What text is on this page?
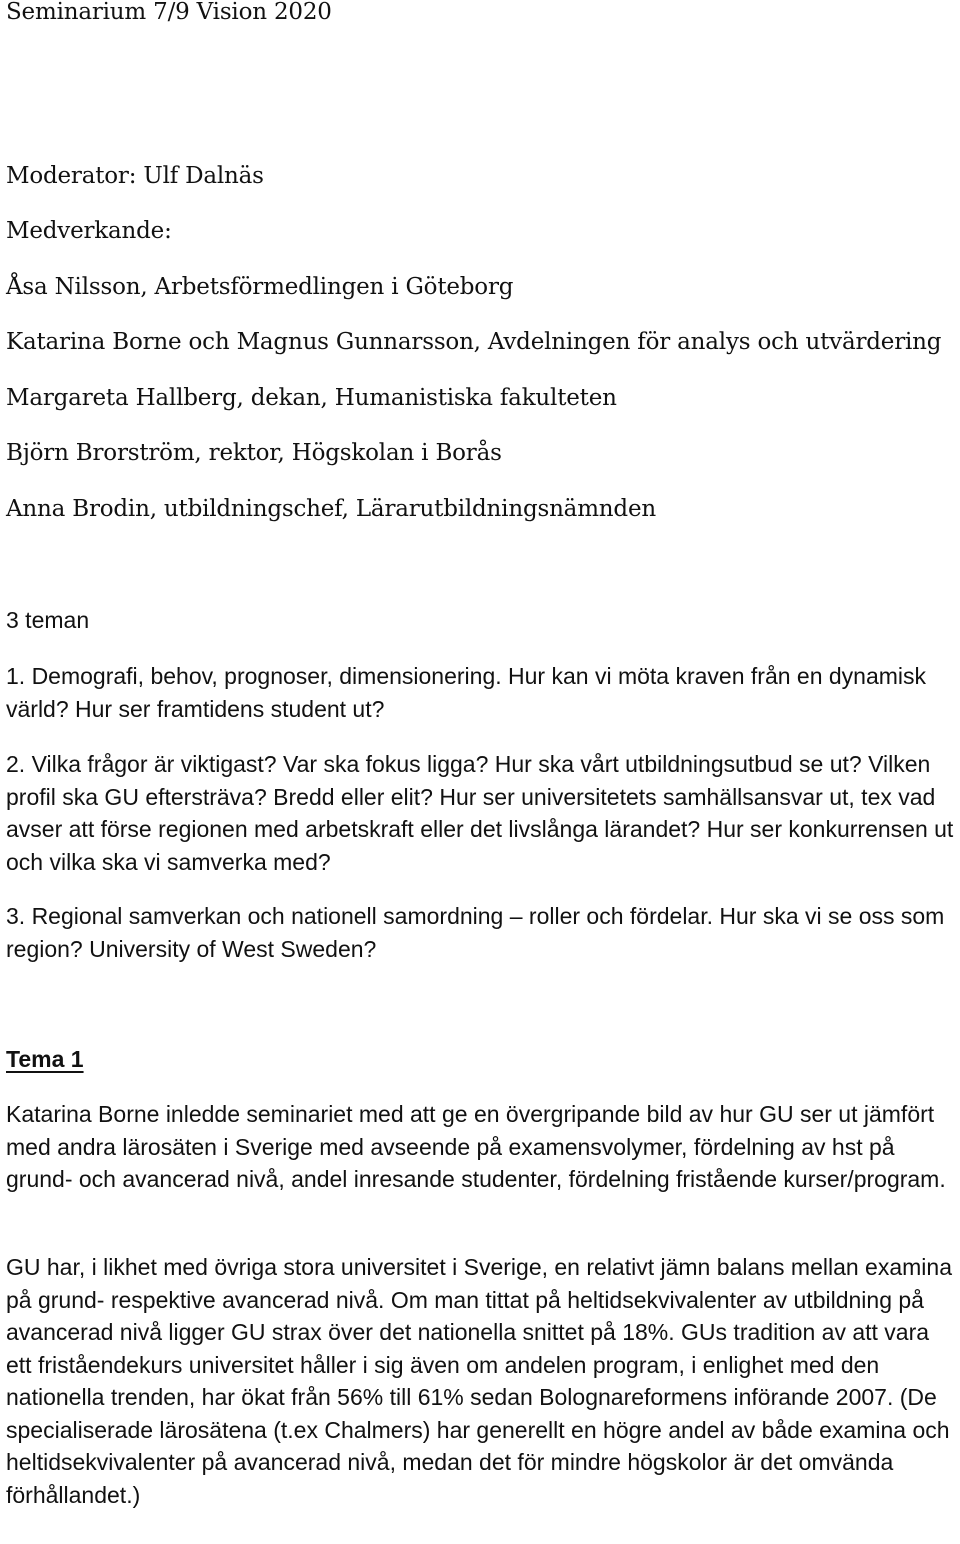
Seminarium 7/9 Vision 2020
Moderator: Ulf Dalnäs
Medverkande:
Åsa Nilsson, Arbetsförmedlingen i Göteborg
Katarina Borne och Magnus Gunnarsson, Avdelningen för analys och utvärdering
Margareta Hallberg, dekan, Humanistiska fakulteten
Björn Brorström, rektor, Högskolan i Borås
Anna Brodin, utbildningschef, Lärarutbildningsnämnden
3 teman

1. Demografi, behov, prognoser, dimensionering. Hur kan vi möta kraven från en dynamisk värld? Hur ser framtidens student ut?

2. Vilka frågor är viktigast? Var ska fokus ligga? Hur ska vårt utbildningsutbud se ut? Vilken profil ska GU eftersträva? Bredd eller elit? Hur ser universitetets samhällsansvar ut, tex vad avser att förse regionen med arbetskraft eller det livslånga lärandet? Hur ser konkurrensen ut och vilka ska vi samverka med?

3. Regional samverkan och nationell samordning – roller och fördelar. Hur ska vi se oss som region? University of West Sweden?

Tema 1

Katarina Borne inledde seminariet med att ge en övergripande bild av hur GU ser ut jämfört med andra lärosäten i Sverige med avseende på examensvolymer, fördelning av hst på grund- och avancerad nivå, andel inresande studenter, fördelning fristående kurser/program.

GU har, i likhet med övriga stora universitet i Sverige, en relativt jämn balans mellan examina på grund- respektive avancerad nivå. Om man tittat på heltidsekvivalenter av utbildning på avancerad nivå ligger GU strax över det nationella snittet på 18%. GUs tradition av att vara ett friståendekurs universitet håller i sig även om andelen program, i enlighet med den nationella trenden, har ökat från 56% till 61% sedan Bolognareformens införande 2007. (De specialiserade lärosätena (t.ex Chalmers) har generellt en högre andel av både examina och heltidsekvivalenter på avancerad nivå, medan det för mindre högskolor är det omvända förhållandet.)
